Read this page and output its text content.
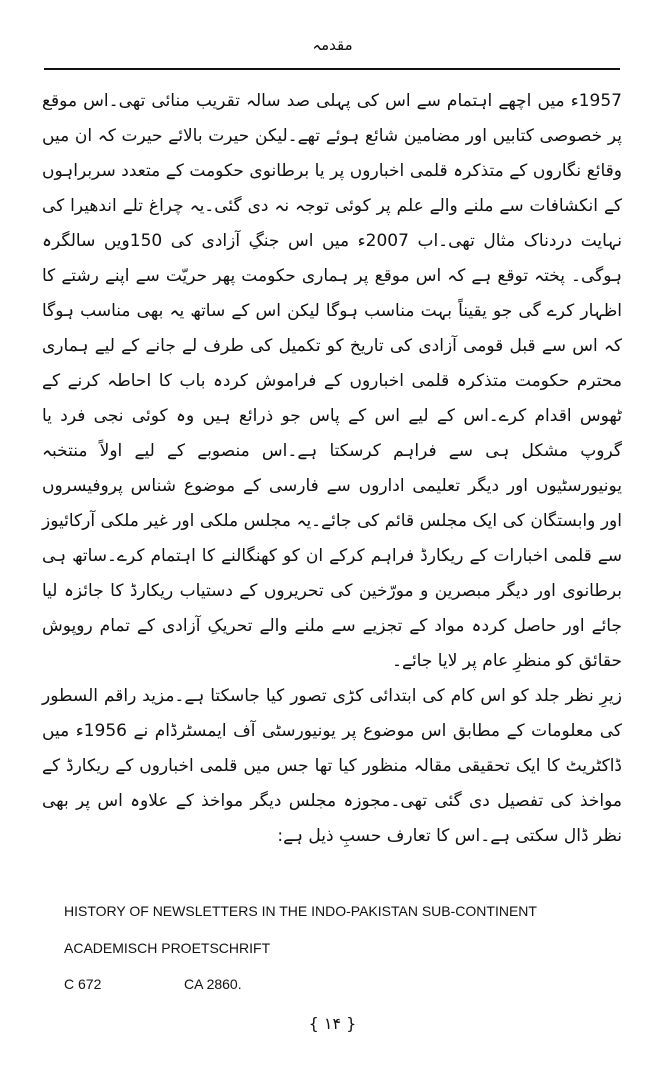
مقدمہ

1957ء میں اچھے اہتمام سے اس کی پہلی صد سالہ تقریب منائی تھی۔اس موقع پر خصوصی کتابیں اور مضامین شائع ہوئے تھے۔لیکن حیرت بالائے حیرت کہ ان میں وقائع نگاروں کے متذکرہ قلمی اخباروں پر یا برطانوی حکومت کے متعدد سربراہوں کے انکشافات سے ملنے والے علم پر کوئی توجہ نہ دی گئی۔یہ چراغ تلے اندھیرا کی نہایت دردناک مثال تھی۔اب 2007ء میں اس جنگِ آزادی کی 150ویں سالگرہ ہوگی۔ پختہ توقع ہے کہ اس موقع پر ہماری حکومت پھر حریّت سے اپنے رشتے کا اظہار کرے گی جو یقیناً بہت مناسب ہوگا لیکن اس کے ساتھ یہ بھی مناسب ہوگا کہ اس سے قبل قومی آزادی کی تاریخ کو تکمیل کی طرف لے جانے کے لیے ہماری محترم حکومت متذکرہ قلمی اخباروں کے فراموش کردہ باب کا احاطہ کرنے کے ٹھوس اقدام کرے۔اس کے لیے اس کے پاس جو ذرائع ہیں وہ کوئی نجی فرد یا گروپ مشکل ہی سے فراہم کرسکتا ہے۔اس منصوبے کے لیے اولاً منتخبہ یونیورسٹیوں اور دیگر تعلیمی اداروں سے فارسی کے موضوع شناس پروفیسروں اور وابستگان کی ایک مجلس قائم کی جائے۔یہ مجلس ملکی اور غیر ملکی آرکائیوز سے قلمی اخبارات کے ریکارڈ فراہم کرکے ان کو کھنگالنے کا اہتمام کرے۔ساتھ ہی برطانوی اور دیگر مبصرین و مورّخین کی تحریروں کے دستیاب ریکارڈ کا جائزہ لیا جائے اور حاصل کردہ مواد کے تجزیے سے ملنے والے تحریکِ آزادی کے تمام روپوش حقائق کو منظرِ عام پر لایا جائے۔

زیرِ نظر جلد کو اس کام کی ابتدائی کڑی تصور کیا جاسکتا ہے۔مزید راقم السطور کی معلومات کے مطابق اس موضوع پر یونیورسٹی آف ایمسٹرڈام نے 1956ء میں ڈاکٹریٹ کا ایک تحقیقی مقالہ منظور کیا تھا جس میں قلمی اخباروں کے ریکارڈ کے مواخذ کی تفصیل دی گئی تھی۔مجوزہ مجلس دیگر مواخذ کے علاوہ اس پر بھی نظر ڈال سکتی ہے۔اس کا تعارف حسبِ ذیل ہے:

HISTORY OF NEWSLETTERS IN THE INDO-PAKISTAN SUB-CONTINENT
ACADEMISCH PROETSCHRIFT
C 672	CA 2860.
{ ۱۴ }
